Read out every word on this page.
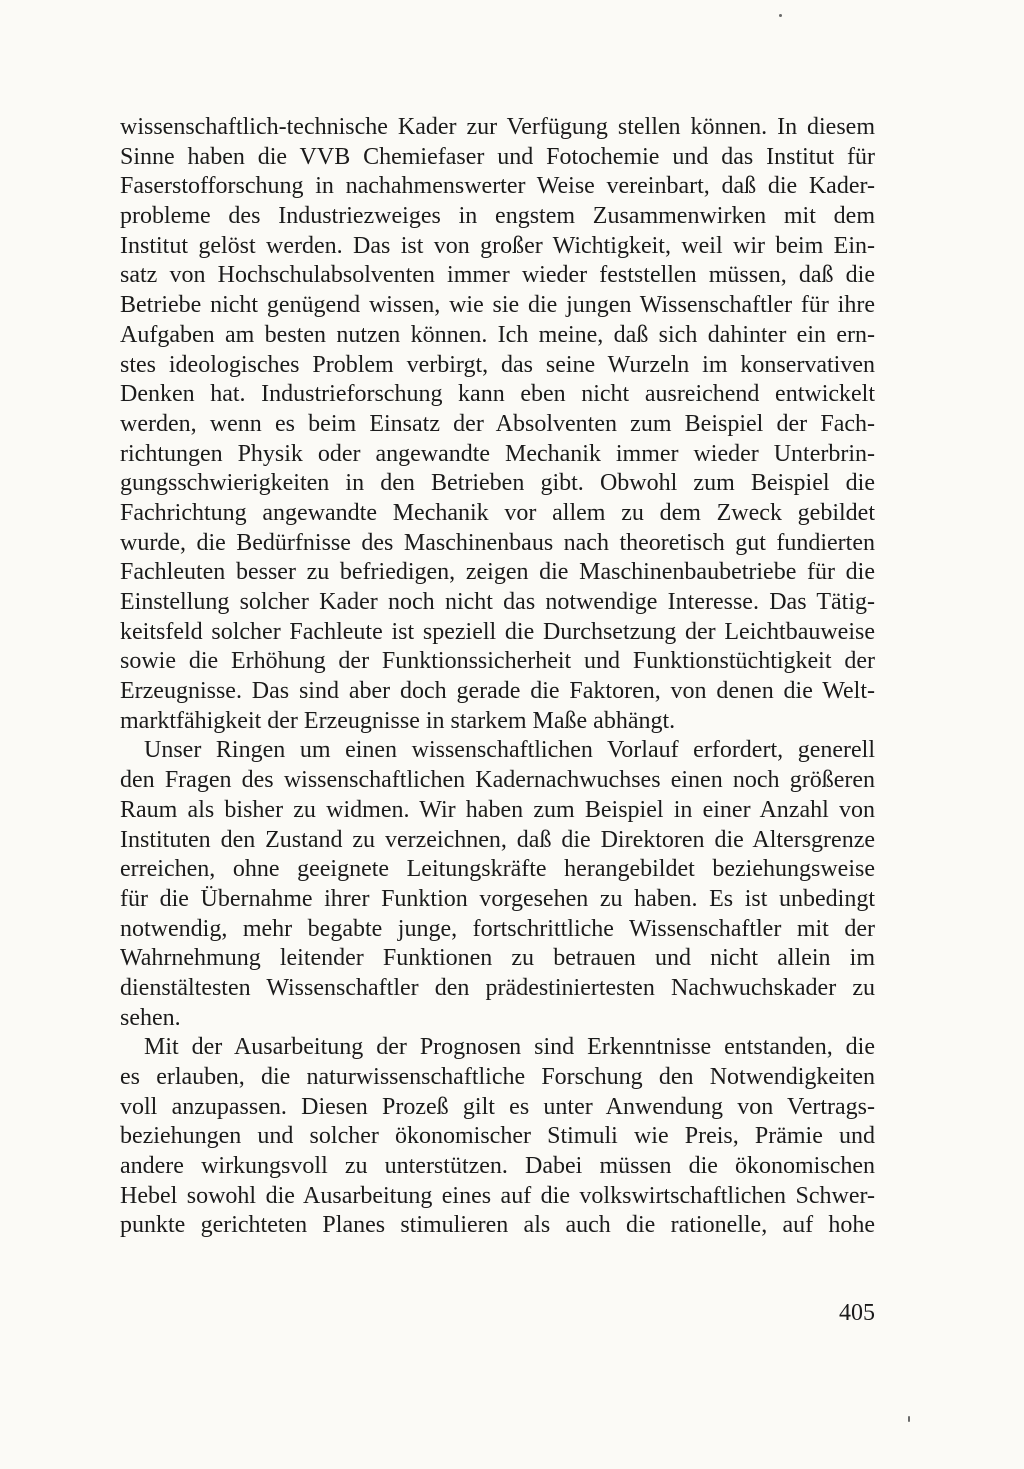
wissenschaftlich-technische Kader zur Verfügung stellen können. In diesem
Sinne haben die VVB Chemiefaser und Fotochemie und das Institut für
Faserstofforschung in nachahmenswerter Weise vereinbart, daß die Kader-
probleme des Industriezweiges in engstem Zusammenwirken mit dem
Institut gelöst werden. Das ist von großer Wichtigkeit, weil wir beim Ein-
satz von Hochschulabsolventen immer wieder feststellen müssen, daß die
Betriebe nicht genügend wissen, wie sie die jungen Wissenschaftler für ihre
Aufgaben am besten nutzen können. Ich meine, daß sich dahinter ein ern-
stes ideologisches Problem verbirgt, das seine Wurzeln im konservativen
Denken hat. Industrieforschung kann eben nicht ausreichend entwickelt
werden, wenn es beim Einsatz der Absolventen zum Beispiel der Fach-
richtungen Physik oder angewandte Mechanik immer wieder Unterbrin-
gungsschwierigkeiten in den Betrieben gibt. Obwohl zum Beispiel die
Fachrichtung angewandte Mechanik vor allem zu dem Zweck gebildet
wurde, die Bedürfnisse des Maschinenbaus nach theoretisch gut fundierten
Fachleuten besser zu befriedigen, zeigen die Maschinenbaubetriebe für die
Einstellung solcher Kader noch nicht das notwendige Interesse. Das Tätig-
keitsfeld solcher Fachleute ist speziell die Durchsetzung der Leichtbauweise
sowie die Erhöhung der Funktionssicherheit und Funktionstüchtigkeit der
Erzeugnisse. Das sind aber doch gerade die Faktoren, von denen die Welt-
marktfähigkeit der Erzeugnisse in starkem Maße abhängt.
Unser Ringen um einen wissenschaftlichen Vorlauf erfordert, generell
den Fragen des wissenschaftlichen Kadernachwuchses einen noch größeren
Raum als bisher zu widmen. Wir haben zum Beispiel in einer Anzahl von
Instituten den Zustand zu verzeichnen, daß die Direktoren die Altersgrenze
erreichen, ohne geeignete Leitungskräfte herangebildet beziehungsweise
für die Übernahme ihrer Funktion vorgesehen zu haben. Es ist unbedingt
notwendig, mehr begabte junge, fortschrittliche Wissenschaftler mit der
Wahrnehmung leitender Funktionen zu betrauen und nicht allein im
dienstältesten Wissenschaftler den prädestiniertesten Nachwuchskader zu
sehen.
Mit der Ausarbeitung der Prognosen sind Erkenntnisse entstanden, die
es erlauben, die naturwissenschaftliche Forschung den Notwendigkeiten
voll anzupassen. Diesen Prozeß gilt es unter Anwendung von Vertrags-
beziehungen und solcher ökonomischer Stimuli wie Preis, Prämie und
andere wirkungsvoll zu unterstützen. Dabei müssen die ökonomischen
Hebel sowohl die Ausarbeitung eines auf die volkswirtschaftlichen Schwer-
punkte gerichteten Planes stimulieren als auch die rationelle, auf hohe
405
